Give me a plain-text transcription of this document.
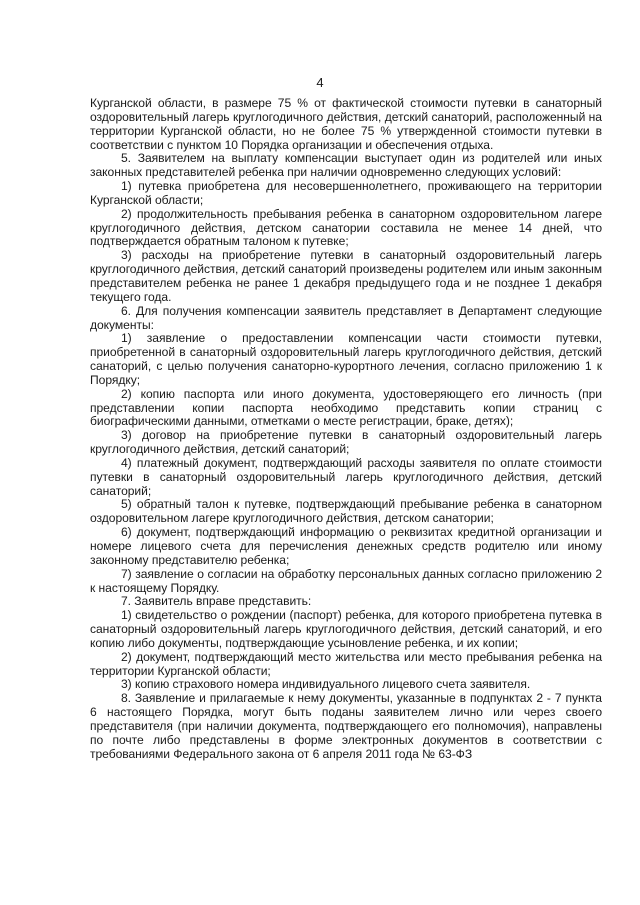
4

Курганской области, в размере 75 % от фактической стоимости путевки в санаторный оздоровительный лагерь круглогодичного действия, детский санаторий, расположенный на территории Курганской области, но не более 75 % утвержденной стоимости путевки в соответствии с пунктом 10 Порядка организации и обеспечения отдыха.

5. Заявителем на выплату компенсации выступает один из родителей или иных законных представителей ребенка при наличии одновременно следующих условий:

1) путевка приобретена для несовершеннолетнего, проживающего на территории Курганской области;

2) продолжительность пребывания ребенка в санаторном оздоровительном лагере круглогодичного действия, детском санатории составила не менее 14 дней, что подтверждается обратным талоном к путевке;

3) расходы на приобретение путевки в санаторный оздоровительный лагерь круглогодичного действия, детский санаторий произведены родителем или иным законным представителем ребенка не ранее 1 декабря предыдущего года и не позднее 1 декабря текущего года.

6. Для получения компенсации заявитель представляет в Департамент следующие документы:

1) заявление о предоставлении компенсации части стоимости путевки, приобретенной в санаторный оздоровительный лагерь круглогодичного действия, детский санаторий, с целью получения санаторно-курортного лечения, согласно приложению 1 к Порядку;

2) копию паспорта или иного документа, удостоверяющего его личность (при представлении копии паспорта необходимо представить копии страниц с биографическими данными, отметками о месте регистрации, браке, детях);

3) договор на приобретение путевки в санаторный оздоровительный лагерь круглогодичного действия, детский санаторий;

4) платежный документ, подтверждающий расходы заявителя по оплате стоимости путевки в санаторный оздоровительный лагерь круглогодичного действия, детский санаторий;

5) обратный талон к путевке, подтверждающий пребывание ребенка в санаторном оздоровительном лагере круглогодичного действия, детском санатории;

6) документ, подтверждающий информацию о реквизитах кредитной организации и номере лицевого счета для перечисления денежных средств родителю или иному законному представителю ребенка;

7) заявление о согласии на обработку персональных данных согласно приложению 2 к настоящему Порядку.

7. Заявитель вправе представить:

1) свидетельство о рождении (паспорт) ребенка, для которого приобретена путевка в санаторный оздоровительный лагерь круглогодичного действия, детский санаторий, и его копию либо документы, подтверждающие усыновление ребенка, и их копии;

2) документ, подтверждающий место жительства или место пребывания ребенка на территории Курганской области;

3) копию страхового номера индивидуального лицевого счета заявителя.

8. Заявление и прилагаемые к нему документы, указанные в подпунктах 2 - 7 пункта 6 настоящего Порядка, могут быть поданы заявителем лично или через своего представителя (при наличии документа, подтверждающего его полномочия), направлены по почте либо представлены в форме электронных документов в соответствии с требованиями Федерального закона от 6 апреля 2011 года № 63-ФЗ
